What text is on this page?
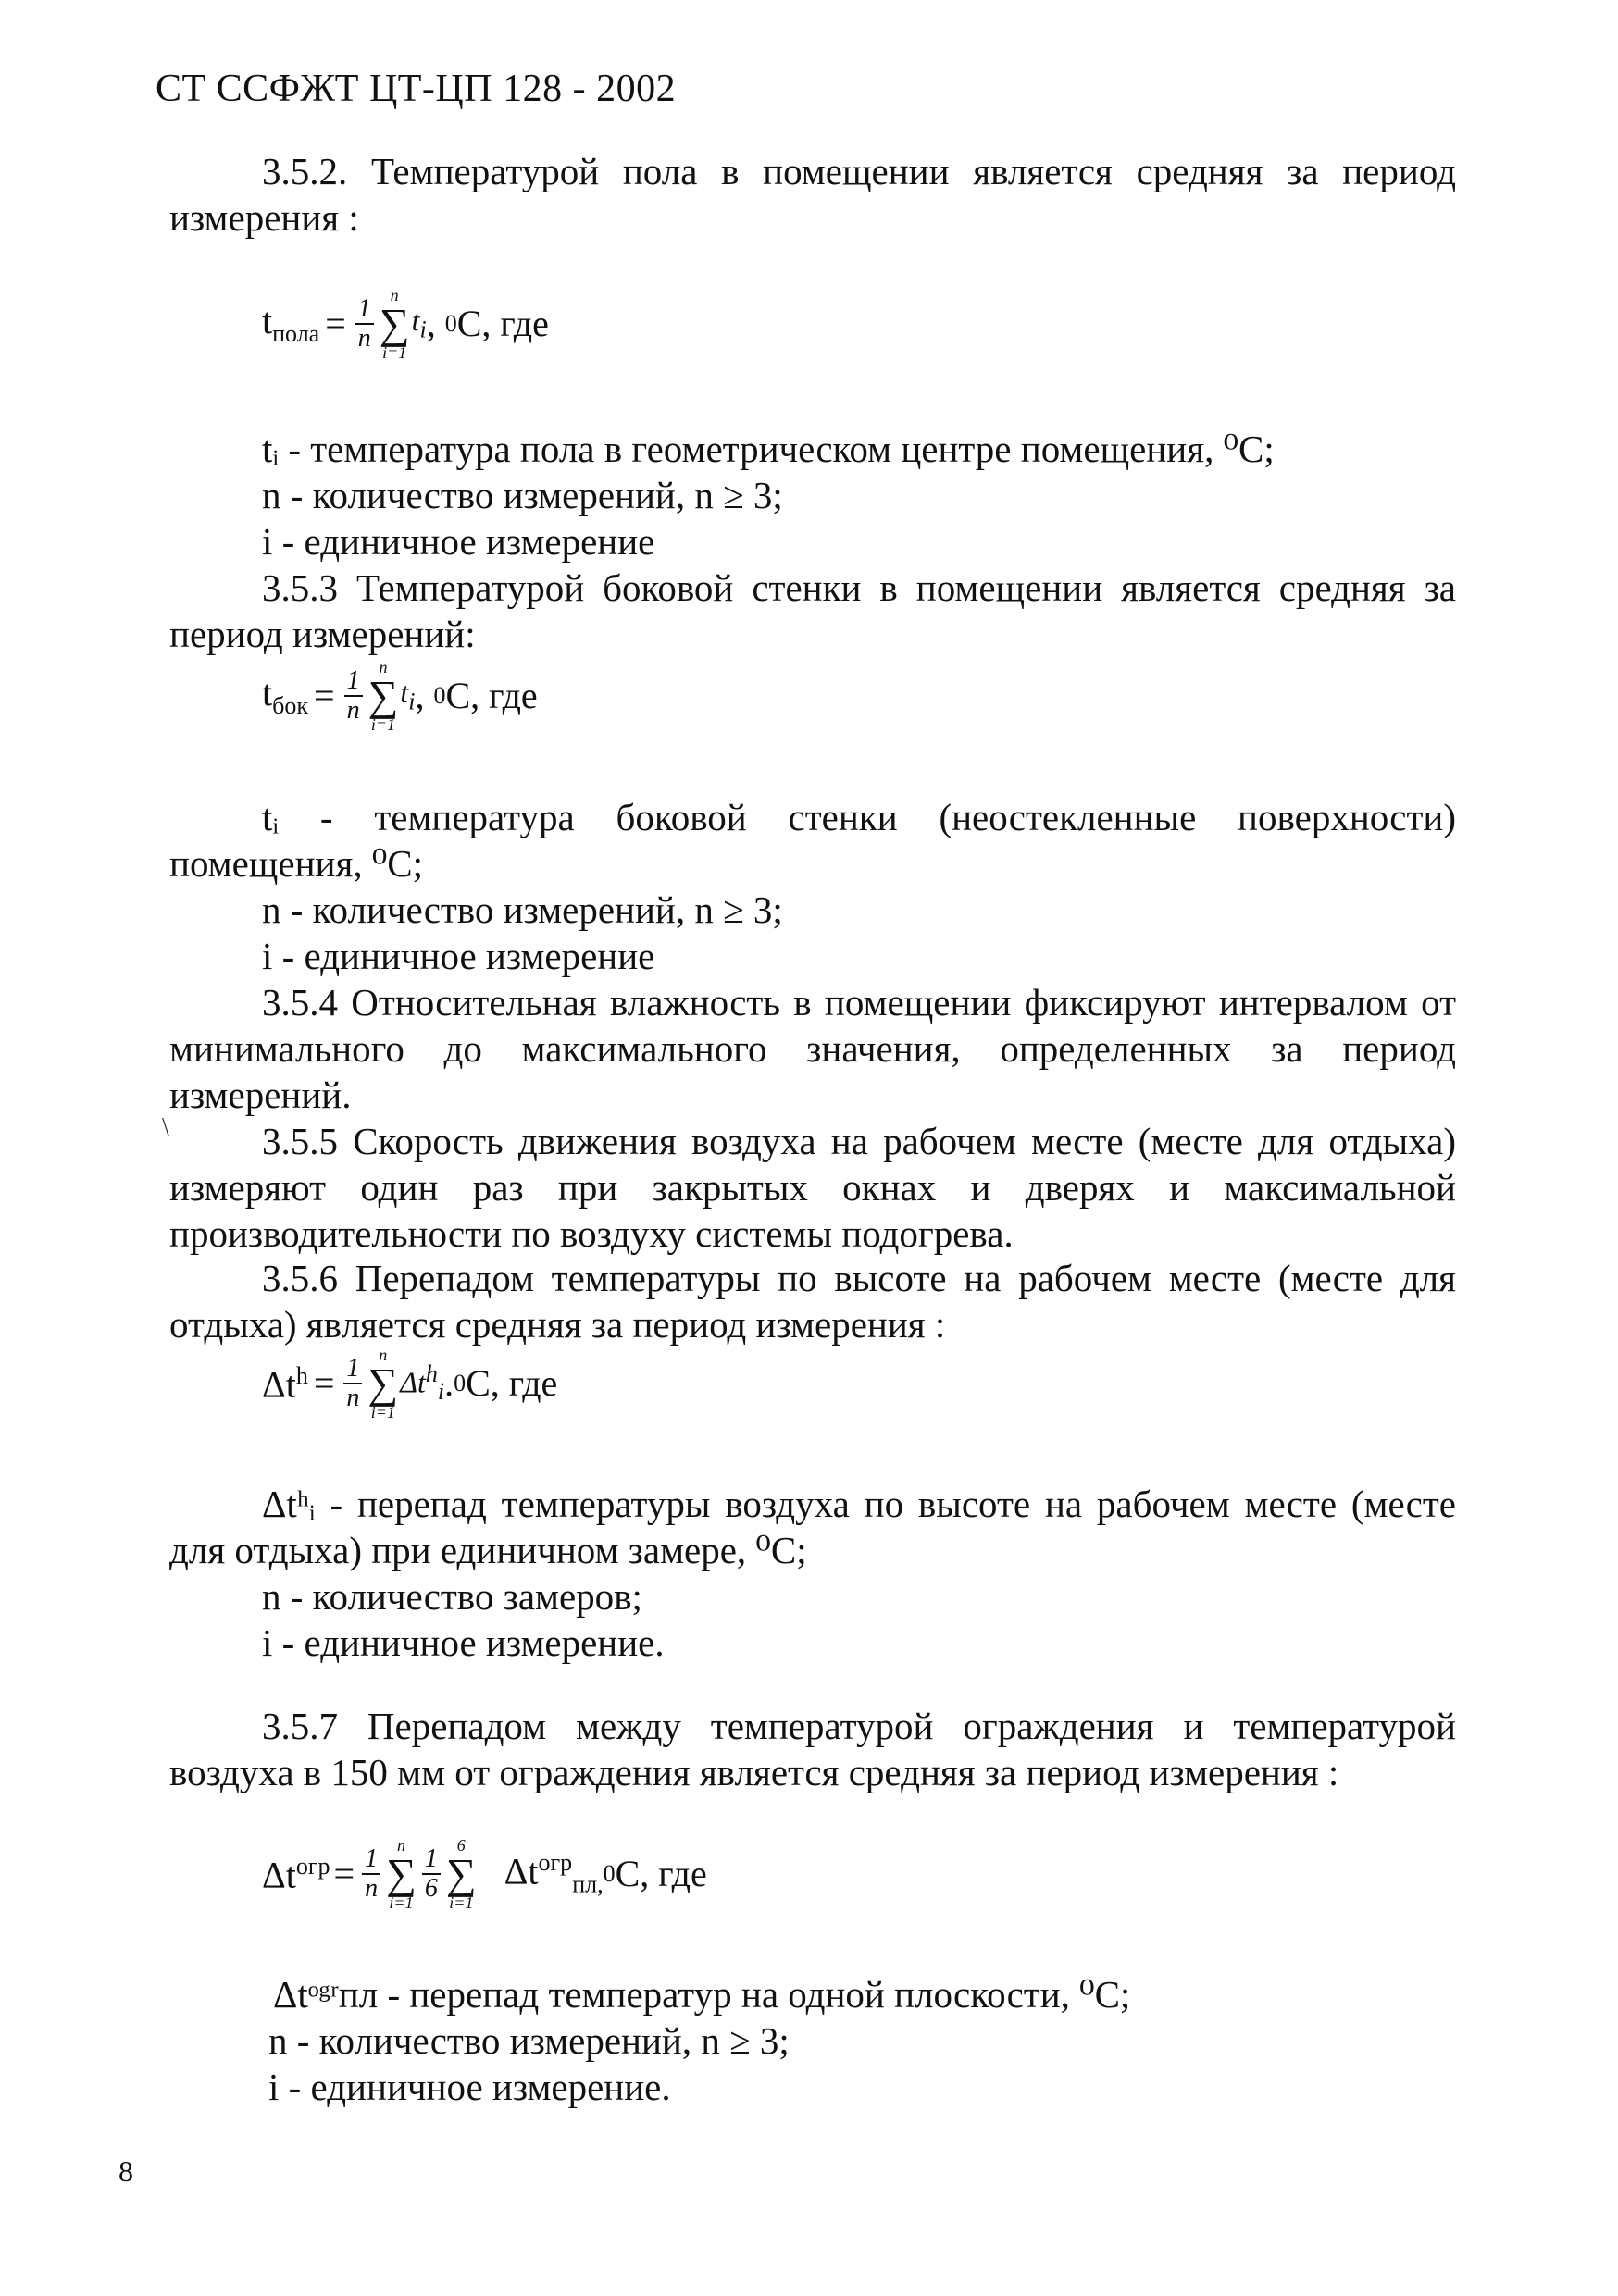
СТ ССФЖТ ЦТ-ЦП 128 - 2002
3.5.2. Температурой пола в помещении является средняя за период
измерения :
$t_{пола} = \frac{1}{n}$ n
∑
i=1
$t_i$ , 0 С, где
tᵢ - температура пола в геометрическом центре помещения, ⁰С;
n - количество измерений, n ≥ 3;
i - единичное измерение
3.5.3 Температурой боковой стенки в помещении является средняя за
период измерений:
$t_{бок} = \frac{1}{n}$ n
∑
i=1
$t_i$ , 0 С, где
tᵢ - температура боковой стенки (неостекленные поверхности)
помещения, ⁰С;
n - количество измерений, n ≥ 3;
i - единичное измерение
3.5.4 Относительная влажность в помещении фиксируют интервалом от
минимального до максимального значения, определенных за период
измерений.
\	3.5.5 Скорость движения воздуха на рабочем месте (месте для отдыха)
измеряют один раз при закрытых окнах и дверях и максимальной
производительности по воздуху системы подогрева.
3.5.6 Перепадом температуры по высоте на рабочем месте (месте для
отдыха) является средняя за период измерения :
$\Delta t^h = \frac{1}{n}$ n
∑
i=1
$\Delta t^h_i$ . 0 С, где
Δtʰᵢ - перепад температуры воздуха по высоте на рабочем месте (месте
для отдыха) при единичном замере, ⁰С;
n - количество замеров;
i - единичное измерение.
3.5.7 Перепадом между температурой ограждения и температурой
воздуха в 150 мм от ограждения является средняя за период измерения :
$\Delta t^{огр} = \frac{1}{n}$ n
∑
$i=1 \frac{1}{6} 6$
∑
i=1
$\Delta t^{огр}_{пл,}$ 0 С, где
Δtᵒᵍʳпл - перепад температур на одной плоскости, ⁰С;
n - количество измерений, n ≥ 3;
i - единичное измерение.
8
